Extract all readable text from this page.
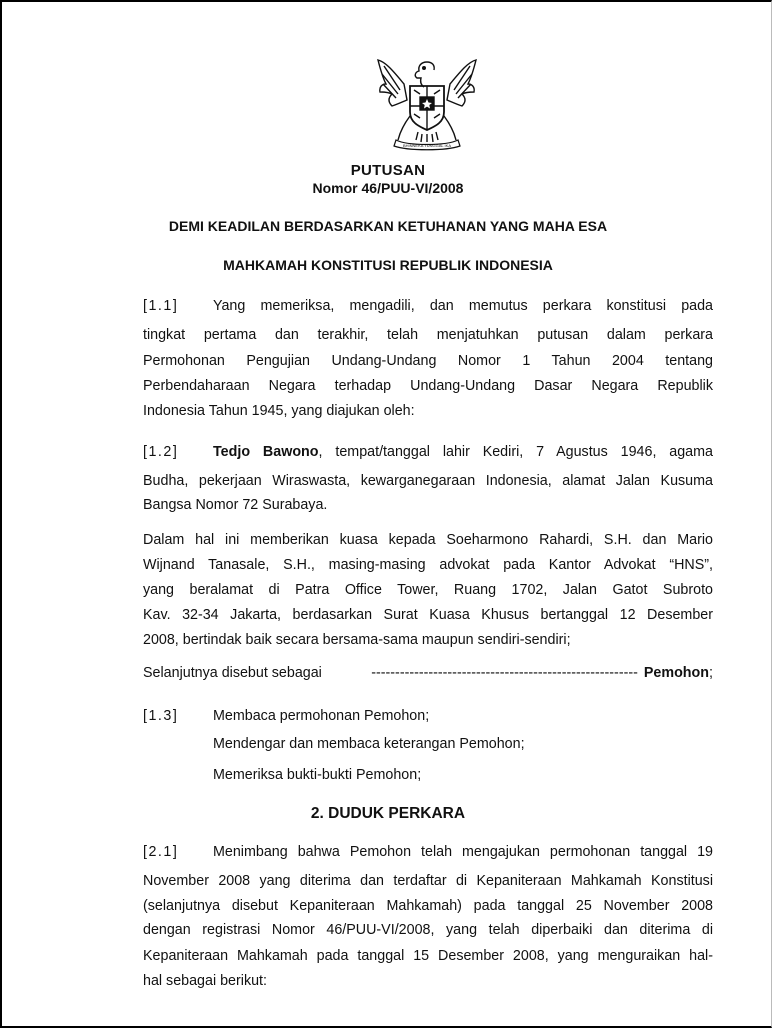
BHINNEKA TUNGGAL IKA
PUTUSAN
Nomor 46/PUU-VI/2008
DEMI KEADILAN BERDASARKAN KETUHANAN YANG MAHA ESA
MAHKAMAH KONSTITUSI REPUBLIK INDONESIA
[1.1] Yang memeriksa, mengadili, dan memutus perkara konstitusi pada
tingkat pertama dan terakhir, telah menjatuhkan putusan dalam perkara
Permohonan Pengujian Undang-Undang Nomor 1 Tahun 2004 tentang
Perbendaharaan Negara terhadap Undang-Undang Dasar Negara Republik
Indonesia Tahun 1945, yang diajukan oleh:
[1.2] Tedjo Bawono, tempat/tanggal lahir Kediri, 7 Agustus 1946, agama
Budha, pekerjaan Wiraswasta, kewarganegaraan Indonesia, alamat Jalan Kusuma
Bangsa Nomor 72 Surabaya.
Dalam hal ini memberikan kuasa kepada Soeharmono Rahardi, S.H. dan Mario
Wijnand Tanasale, S.H., masing-masing advokat pada Kantor Advokat “HNS”,
yang beralamat di Patra Office Tower, Ruang 1702, Jalan Gatot Subroto
Kav. 32-34 Jakarta, berdasarkan Surat Kuasa Khusus bertanggal 12 Desember
2008, bertindak baik secara bersama-sama maupun sendiri-sendiri;
Selanjutnya disebut sebagai	-------------------------------------------------------- Pemohon;
[1.3] Membaca permohonan Pemohon;
Mendengar dan membaca keterangan Pemohon;
Memeriksa bukti-bukti Pemohon;
2. DUDUK PERKARA
[2.1] Menimbang bahwa Pemohon telah mengajukan permohonan tanggal 19
November 2008 yang diterima dan terdaftar di Kepaniteraan Mahkamah Konstitusi
(selanjutnya disebut Kepaniteraan Mahkamah) pada tanggal 25 November 2008
dengan registrasi Nomor 46/PUU-VI/2008, yang telah diperbaiki dan diterima di
Kepaniteraan Mahkamah pada tanggal 15 Desember 2008, yang menguraikan hal-
hal sebagai berikut:
